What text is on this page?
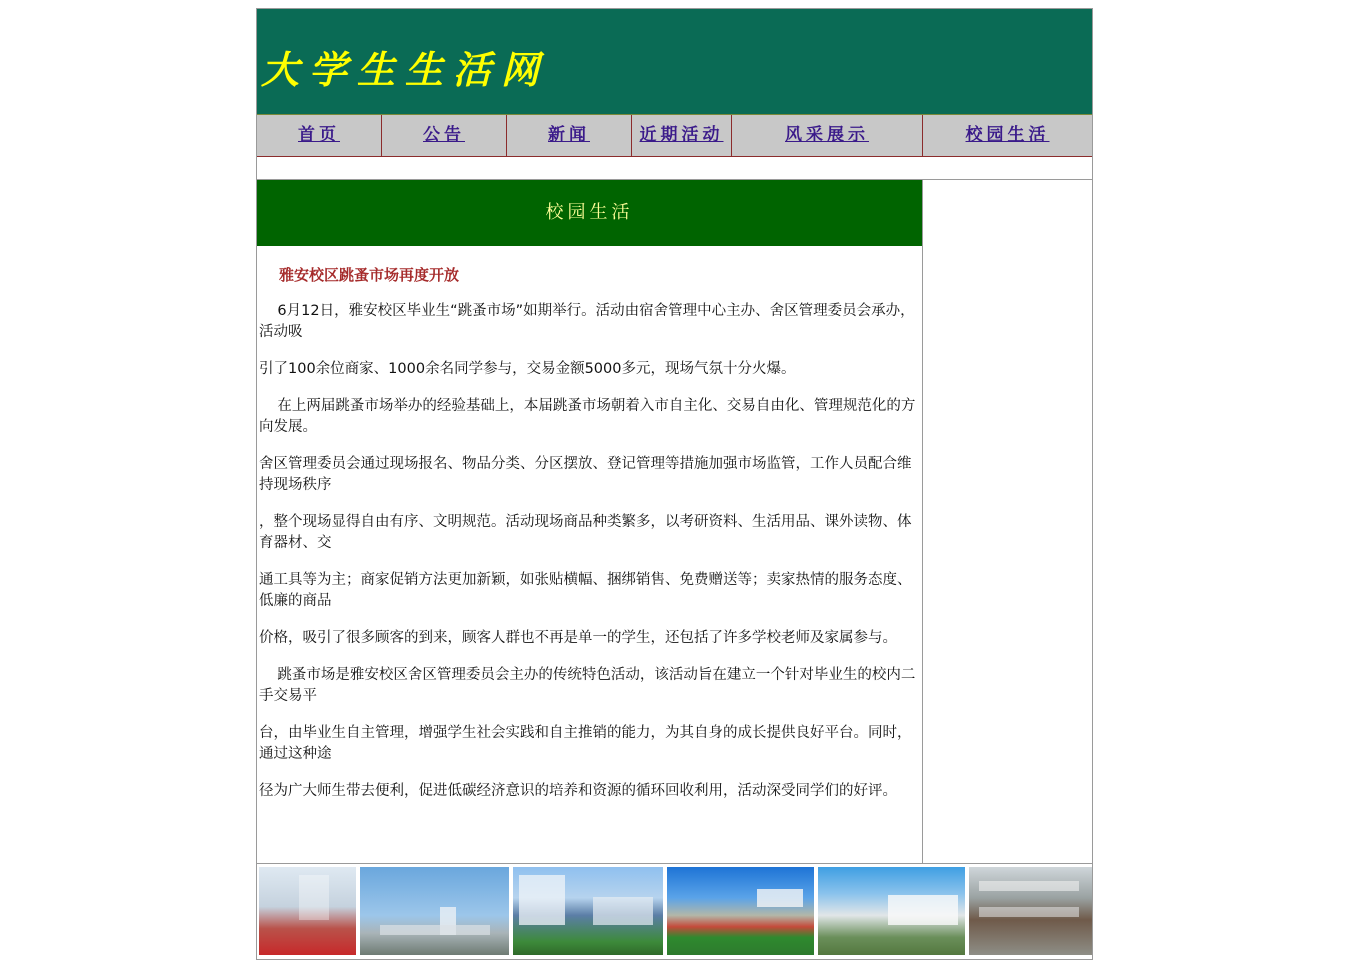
大学生生活网
首页	公告	新闻	近期活动	风采展示	校园生活
校园生活
雅安校区跳蚤市场再度开放

6月12日，雅安校区毕业生“跳蚤市场”如期举行。活动由宿舍管理中心主办、舍区管理委员会承办，活动吸

引了100余位商家、1000余名同学参与，交易金额5000多元，现场气氛十分火爆。

在上两届跳蚤市场举办的经验基础上，本届跳蚤市场朝着入市自主化、交易自由化、管理规范化的方向发展。

舍区管理委员会通过现场报名、物品分类、分区摆放、登记管理等措施加强市场监管，工作人员配合维持现场秩序

，整个现场显得自由有序、文明规范。活动现场商品种类繁多，以考研资料、生活用品、课外读物、体育器材、交

通工具等为主；商家促销方法更加新颖，如张贴横幅、捆绑销售、免费赠送等；卖家热情的服务态度、低廉的商品

价格，吸引了很多顾客的到来，顾客人群也不再是单一的学生，还包括了许多学校老师及家属参与。

跳蚤市场是雅安校区舍区管理委员会主办的传统特色活动，该活动旨在建立一个针对毕业生的校内二手交易平

台，由毕业生自主管理，增强学生社会实践和自主推销的能力，为其自身的成长提供良好平台。同时，通过这种途

径为广大师生带去便利，促进低碳经济意识的培养和资源的循环回收利用，活动深受同学们的好评。
